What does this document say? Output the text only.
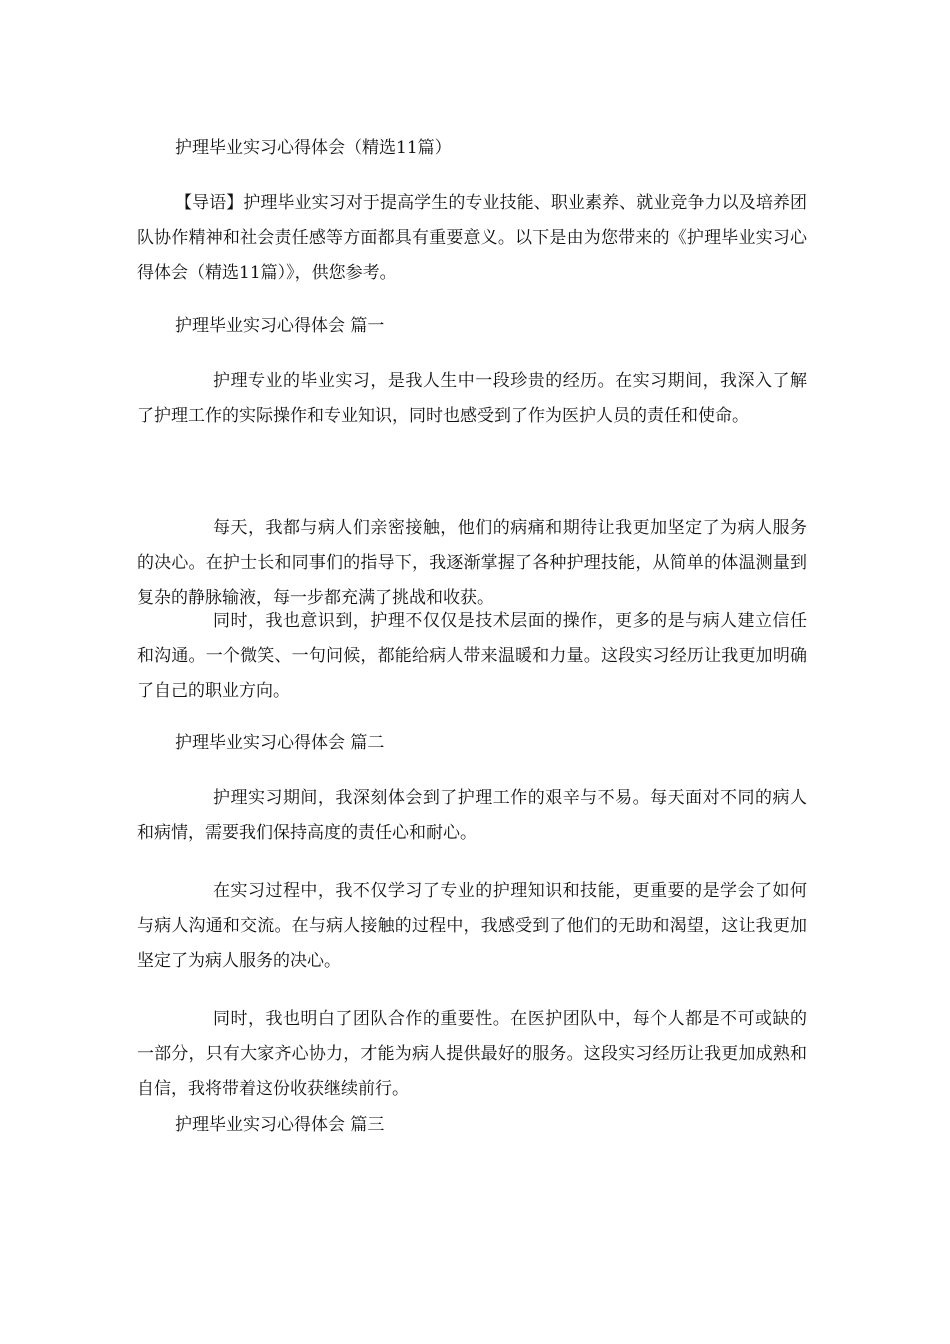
护理毕业实习心得体会（精选11篇）

【导语】护理毕业实习对于提高学生的专业技能、职业素养、就业竞争力以及培养团队协作精神和社会责任感等方面都具有重要意义。以下是由为您带来的《护理毕业实习心得体会（精选11篇）》，供您参考。

护理毕业实习心得体会 篇一

护理专业的毕业实习，是我人生中一段珍贵的经历。在实习期间，我深入了解了护理工作的实际操作和专业知识，同时也感受到了作为医护人员的责任和使命。

每天，我都与病人们亲密接触，他们的病痛和期待让我更加坚定了为病人服务的决心。在护士长和同事们的指导下，我逐渐掌握了各种护理技能，从简单的体温测量到复杂的静脉输液，每一步都充满了挑战和收获。

同时，我也意识到，护理不仅仅是技术层面的操作，更多的是与病人建立信任和沟通。一个微笑、一句问候，都能给病人带来温暖和力量。这段实习经历让我更加明确了自己的职业方向。

护理毕业实习心得体会 篇二

护理实习期间，我深刻体会到了护理工作的艰辛与不易。每天面对不同的病人和病情，需要我们保持高度的责任心和耐心。

在实习过程中，我不仅学习了专业的护理知识和技能，更重要的是学会了如何与病人沟通和交流。在与病人接触的过程中，我感受到了他们的无助和渴望，这让我更加坚定了为病人服务的决心。

同时，我也明白了团队合作的重要性。在医护团队中，每个人都是不可或缺的一部分，只有大家齐心协力，才能为病人提供最好的服务。这段实习经历让我更加成熟和自信，我将带着这份收获继续前行。

护理毕业实习心得体会 篇三
